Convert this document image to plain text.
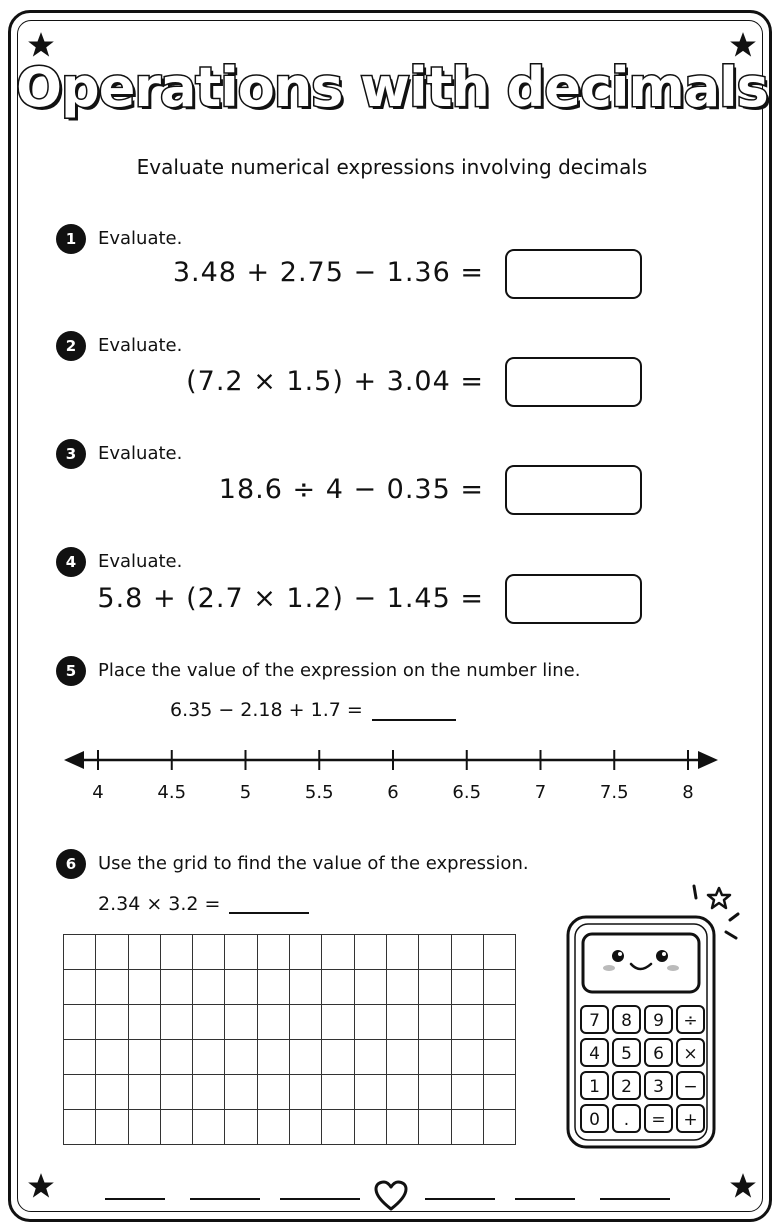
Operations with decimals
Evaluate numerical expressions involving decimals
1	Evaluate.
3.48 + 2.75 − 1.36 =
2	Evaluate.
(7.2 × 1.5) + 3.04 =
3	Evaluate.
18.6 ÷ 4 − 0.35 =
4	Evaluate.
5.8 + (2.7 × 1.2) − 1.45 =
5	Place the value of the expression on the number line.
6.35 − 2.18 + 1.7 =
4	4.5	5	5.5	6	6.5	7	7.5	8
6	Use the grid to find the value of the expression.
2.34 × 3.2 =

7 8 9 ÷
4 5 6 ×
1 2 3 −
0 . = +
